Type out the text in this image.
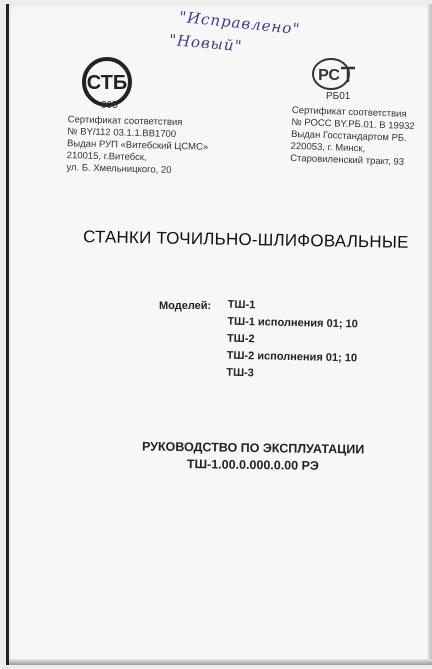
"Исправлено"
"Новый"
СТБ
005
РС
РБ01
Сертификат соответствия
№ BY/112 03.1.1.BB1700
Выдан РУП «Витебский ЦСМС»
210015, г.Витебск,
ул. Б. Хмельницкого, 20
Сертификат соответствия
№ РОСС BY.РБ.01. В 19932
Выдан Госстандартом РБ.
220053, г. Минск,
Старовиленский тракт, 93
СТАНКИ ТОЧИЛЬНО-ШЛИФОВАЛЬНЫЕ
Моделей: ТШ-1
ТШ-1 исполнения 01; 10
ТШ-2
ТШ-2 исполнения 01; 10
ТШ-3
РУКОВОДСТВО ПО ЭКСПЛУАТАЦИИ
ТШ-1.00.0.000.0.00 РЭ
